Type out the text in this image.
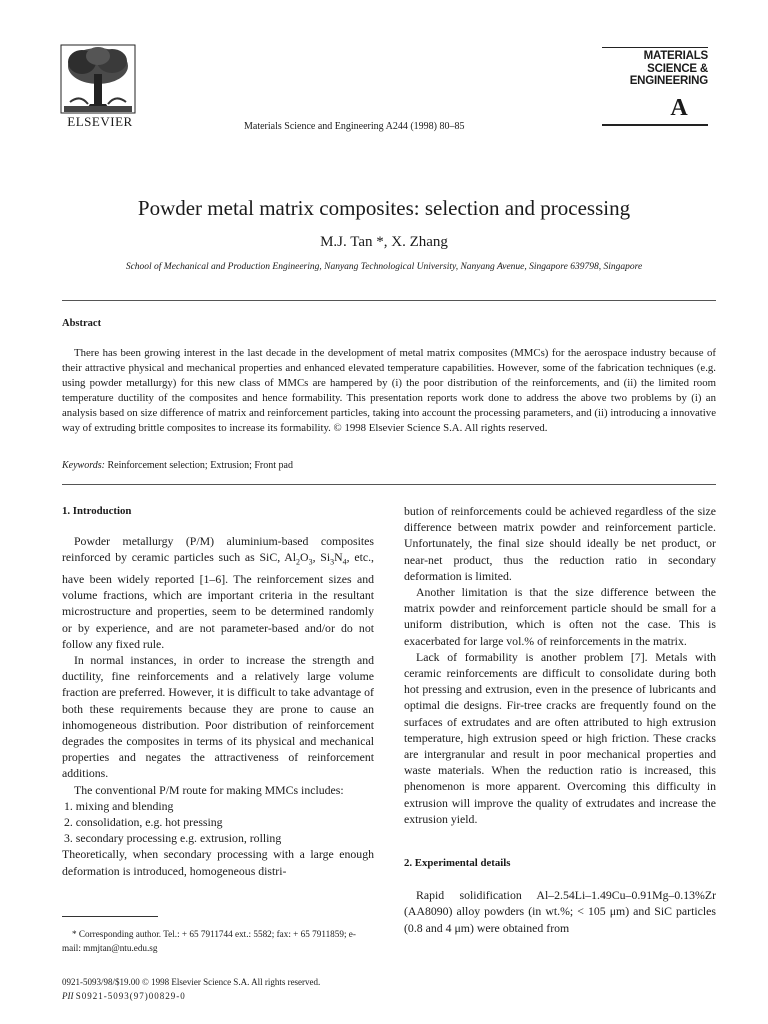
ELSEVIER	Materials Science and Engineering A244 (1998) 80–85
MATERIALS
SCIENCE &
ENGINEERING
A
Powder metal matrix composites: selection and processing
M.J. Tan *, X. Zhang
School of Mechanical and Production Engineering, Nanyang Technological University, Nanyang Avenue, Singapore 639798, Singapore
Abstract
There has been growing interest in the last decade in the development of metal matrix composites (MMCs) for the aerospace industry because of their attractive physical and mechanical properties and enhanced elevated temperature capabilities. However, some of the fabrication techniques (e.g. using powder metallurgy) for this new class of MMCs are hampered by (i) the poor distribution of the reinforcements, and (ii) the limited room temperature ductility of the composites and hence formability. This presentation reports work done to address the above two problems by (i) an analysis based on size difference of matrix and reinforcement particles, taking into account the processing parameters, and (ii) introducing a innovative way of extruding brittle composites to increase its formability. © 1998 Elsevier Science S.A. All rights reserved.
Keywords: Reinforcement selection; Extrusion; Front pad
1. Introduction

Powder metallurgy (P/M) aluminium-based composites reinforced by ceramic particles such as SiC, $Al_2O_3$, $Si_3N_4$, etc., have been widely reported [1–6]. The reinforcement sizes and volume fractions, which are important criteria in the resultant microstructure and properties, seem to be determined randomly or by experience, and are not parameter-based and/or do not follow any fixed rule.

In normal instances, in order to increase the strength and ductility, fine reinforcements and a relatively large volume fraction are preferred. However, it is difficult to take advantage of both these requirements because they are prone to cause an inhomogeneous distribution. Poor distribution of reinforcement degrades the composites in terms of its physical and mechanical properties and negates the attractiveness of reinforcement additions.

The conventional P/M route for making MMCs includes:

1. mixing and blending
2. consolidation, e.g. hot pressing
3. secondary processing e.g. extrusion, rolling

Theoretically, when secondary processing with a large enough deformation is introduced, homogeneous distri-

* Corresponding author. Tel.: + 65 7911744 ext.: 5582; fax: + 65 7911859; e-mail: mmjtan@ntu.edu.sg
0921-5093/98/$19.00 © 1998 Elsevier Science S.A. All rights reserved.
PII S0921-5093(97)00829-0

bution of reinforcements could be achieved regardless of the size difference between matrix powder and reinforcement particle. Unfortunately, the final size should ideally be net product, or near-net product, thus the reduction ratio in secondary deformation is limited.

Another limitation is that the size difference between the matrix powder and reinforcement particle should be small for a uniform distribution, which is often not the case. This is exacerbated for large vol.% of reinforcements in the matrix.

Lack of formability is another problem [7]. Metals with ceramic reinforcements are difficult to consolidate during both hot pressing and extrusion, even in the presence of lubricants and optimal die designs. Fir-tree cracks are frequently found on the surfaces of extrudates and are often attributed to high extrusion temperature, high extrusion speed or high friction. These cracks are intergranular and result in poor mechanical properties and waste materials. When the reduction ratio is increased, this phenomenon is more apparent. Overcoming this difficulty in extrusion will improve the quality of extrudates and increase the extrusion yield.

2. Experimental details

Rapid solidification Al–2.54Li–1.49Cu–0.91Mg–0.13%Zr (AA8090) alloy powders (in wt.%; < 105 μm) and SiC particles (0.8 and 4 μm) were obtained from
